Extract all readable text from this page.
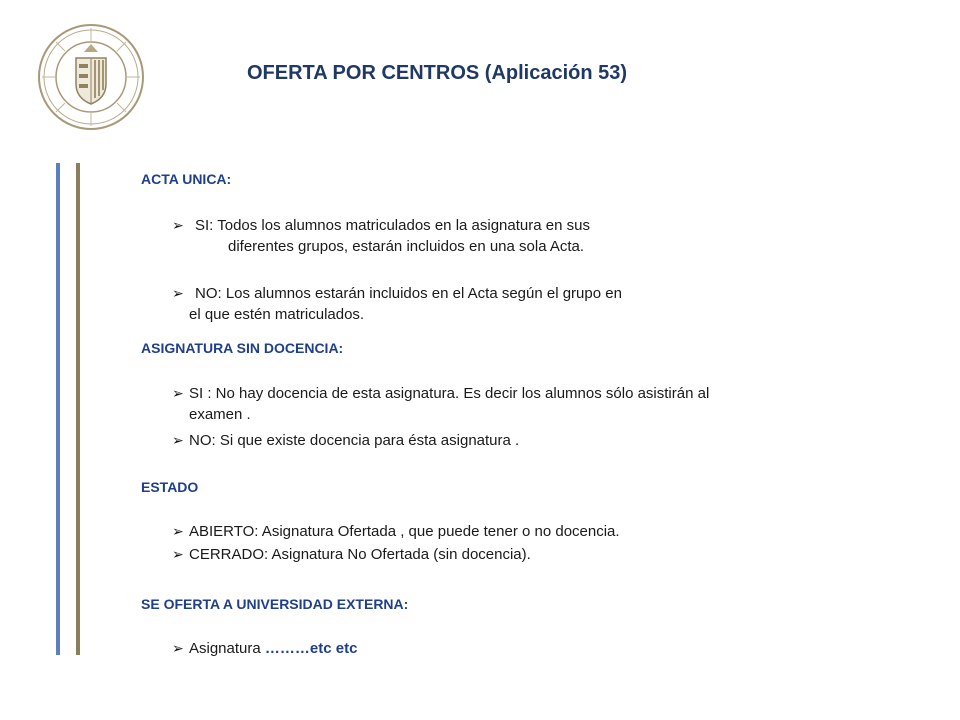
OFERTA POR CENTROS (Aplicación 53)
ACTA UNICA:
➢ SI: Todos los alumnos matriculados en la asignatura en sus
diferentes grupos, estarán incluidos en una sola Acta.
➢ NO: Los alumnos estarán incluidos en el Acta según el grupo en
el que estén matriculados.
ASIGNATURA SIN DOCENCIA:
➢ SI : No hay docencia de esta asignatura. Es decir los alumnos sólo asistirán al
examen .
➢ NO: Si que existe docencia para ésta asignatura .
ESTADO
➢ ABIERTO: Asignatura Ofertada , que puede tener o no docencia.
➢ CERRADO: Asignatura No Ofertada (sin docencia).
SE OFERTA A UNIVERSIDAD EXTERNA:
➢ Asignatura ………etc etc
